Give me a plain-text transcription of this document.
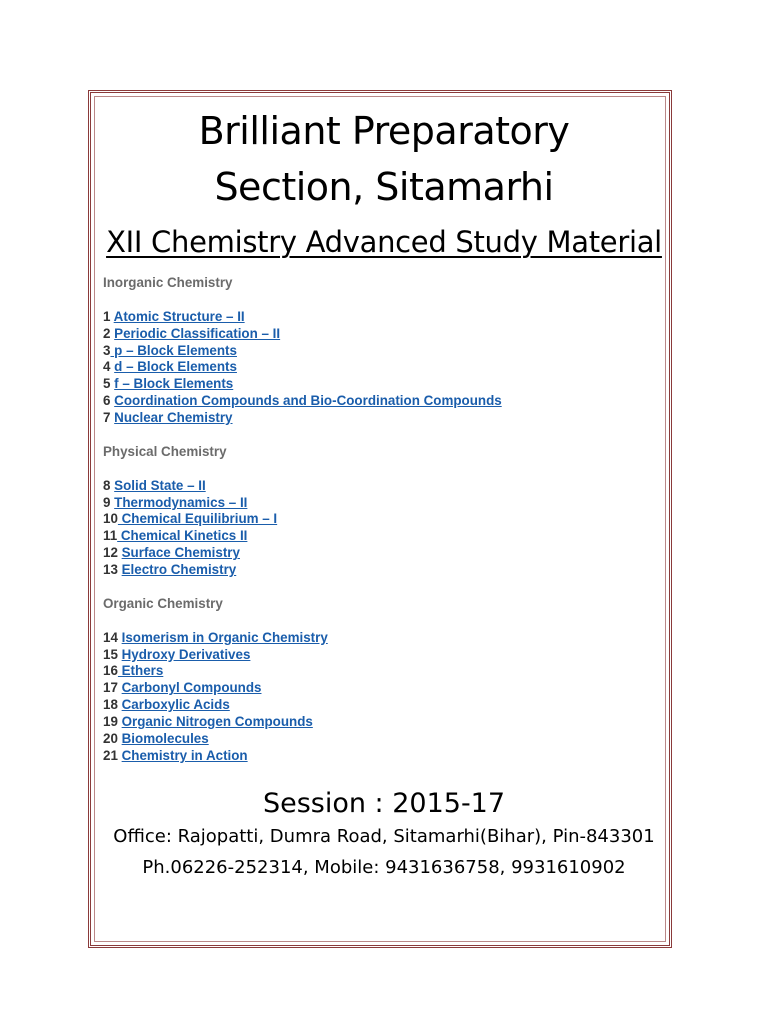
Brilliant Preparatory
Section, Sitamarhi
XII Chemistry Advanced Study Material
Inorganic Chemistry
1 Atomic Structure – II
2 Periodic Classification – II
3 p – Block Elements
4 d – Block Elements
5 f – Block Elements
6 Coordination Compounds and Bio-Coordination Compounds
7 Nuclear Chemistry
Physical Chemistry
8 Solid State – II
9 Thermodynamics – II
10 Chemical Equilibrium – I
11 Chemical Kinetics II
12 Surface Chemistry
13 Electro Chemistry
Organic Chemistry
14 Isomerism in Organic Chemistry
15 Hydroxy Derivatives
16 Ethers
17 Carbonyl Compounds
18 Carboxylic Acids
19 Organic Nitrogen Compounds
20 Biomolecules
21 Chemistry in Action
Session : 2015-17
Office: Rajopatti, Dumra Road, Sitamarhi(Bihar), Pin-843301
Ph.06226-252314, Mobile: 9431636758, 9931610902
